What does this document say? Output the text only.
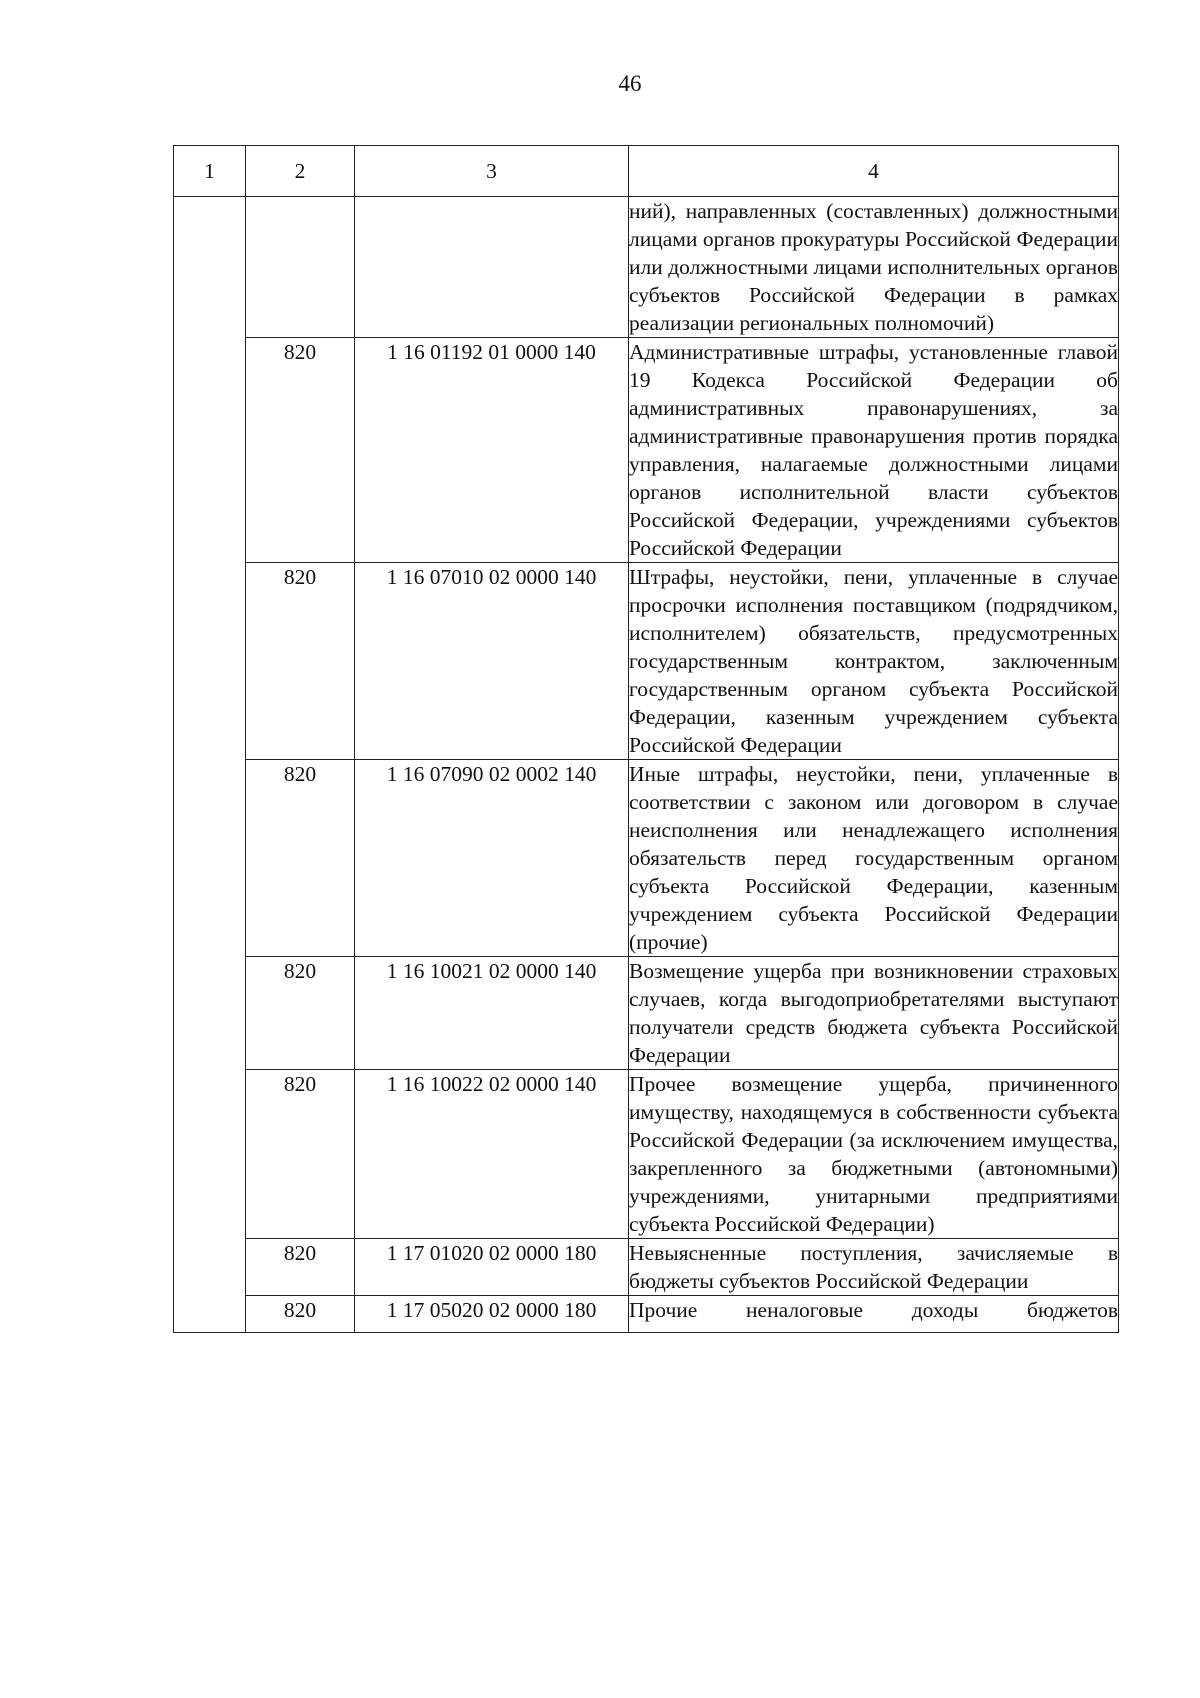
46
1	2	3	4
			ний), направленных (составленных) должностными лицами органов прокуратуры Российской Федерации или должностными лицами исполнительных органов субъектов Российской Федерации в рамках реализации региональных полномочий)
	820	1 16 01192 01 0000 140	Административные штрафы, установленные главой 19 Кодекса Российской Федерации об административных правонарушениях, за административные правонарушения против порядка управления, налагаемые должностными лицами органов исполнительной власти субъектов Российской Федерации, учреждениями субъектов Российской Федерации
	820	1 16 07010 02 0000 140	Штрафы, неустойки, пени, уплаченные в случае просрочки исполнения поставщиком (подрядчиком, исполнителем) обязательств, предусмотренных государственным контрактом, заключенным государственным органом субъекта Российской Федерации, казенным учреждением субъекта Российской Федерации
	820	1 16 07090 02 0002 140	Иные штрафы, неустойки, пени, уплаченные в соответствии с законом или договором в случае неисполнения или ненадлежащего исполнения обязательств перед государственным органом субъекта Российской Федерации, казенным учреждением субъекта Российской Федерации (прочие)
	820	1 16 10021 02 0000 140	Возмещение ущерба при возникновении страховых случаев, когда выгодоприобретателями выступают получатели средств бюджета субъекта Российской Федерации
	820	1 16 10022 02 0000 140	Прочее возмещение ущерба, причиненного имуществу, находящемуся в собственности субъекта Российской Федерации (за исключением имущества, закрепленного за бюджетными (автономными) учреждениями, унитарными предприятиями субъекта Российской Федерации)
	820	1 17 01020 02 0000 180	Невыясненные поступления, зачисляемые в бюджеты субъектов Российской Федерации
	820	1 17 05020 02 0000 180	Прочие неналоговые доходы бюджетов
